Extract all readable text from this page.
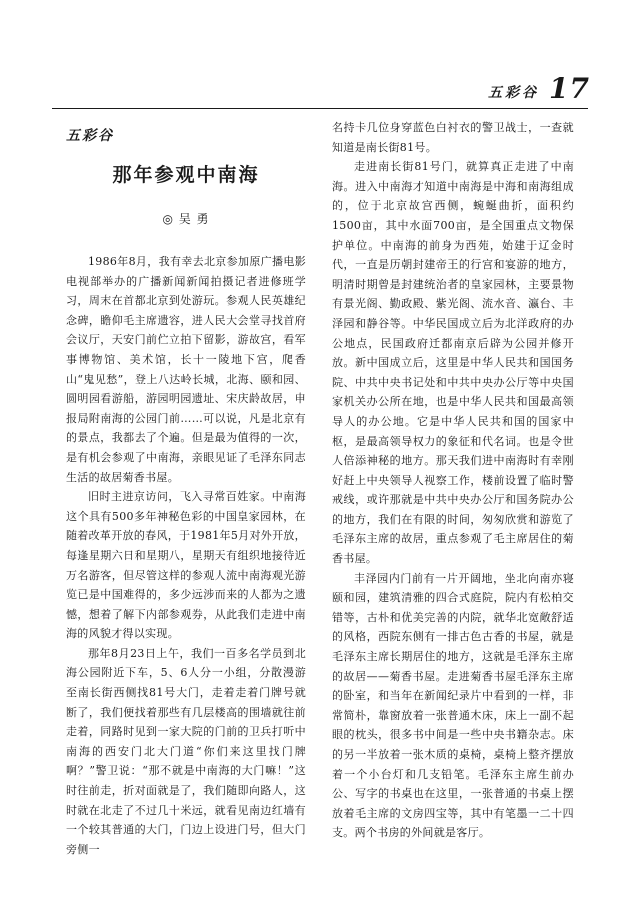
五彩谷 17
五彩谷
那年参观中南海
◎ 吴 勇

1986年8月，我有幸去北京参加原广播电影电视部举办的广播新闻新闻拍摄记者进修班学习，周末在首都北京到处游玩。参观人民英雄纪念碑，瞻仰毛主席遗容，进人民大会堂寻找首府会议厅，天安门前伫立拍下留影，游故宫，看军事博物馆、美术馆，长十一陵地下宫，爬香山“鬼见愁”，登上八达岭长城，北海、颐和园、圆明园看游船，游园明园遗址、宋庆龄故居，申报局附南海的公园门前……可以说，凡是北京有的景点，我都去了个遍。但是最为值得的一次，是有机会参观了中南海，亲眼见证了毛泽东同志生活的故居菊香书屋。

旧时主进京访问，飞入寻常百姓家。中南海这个具有500多年神秘色彩的中国皇家园林，在随着改革开放的春风，于1981年5月对外开放，每逢星期六日和星期八，星期天有组织地接待近万名游客，但尽管这样的参观人流中南海观光游览已是中国难得的，多少远涉而来的人都为之遗憾，想着了解下内部参观券，从此我们走进中南海的风貌才得以实现。

那年8月23日上午，我们一百多名学员到北海公园附近下车，5、6人分一小组，分散漫游至南长街西侧找81号大门，走着走着门牌号就断了，我们便找着那些有几层楼高的围墙就往前走着，同路时见到一家大院的门前的卫兵打听中南海的西安门北大门道“你们来这里找门牌啊？”警卫说：“那不就是中南海的大门嘛！”这时往前走，折对面就是了，我们随即向路人，这时就在北走了不过几十米远，就看见南边红墙有一个较其普通的大门，门边上设进门号，但大门旁侧一

名持卡几位身穿蓝色白衬衣的警卫战士，一查就知道是南长街81号。

走进南长街81号门，就算真正走进了中南海。进入中南海才知道中南海是中海和南海组成的，位于北京故宫西侧，蜿蜒曲折，面积约1500亩，其中水面700亩，是全国重点文物保护单位。中南海的前身为西苑，始建于辽金时代，一直是历朝封建帝王的行宫和宴游的地方，明清时期曾是封建统治者的皇家园林，主要景物有景光阁、勤政殿、紫光阁、流水音、瀛台、丰泽园和静谷等。中华民国成立后为北洋政府的办公地点，民国政府迁都南京后辟为公园并修开放。新中国成立后，这里是中华人民共和国国务院、中共中央书记处和中共中央办公厅等中央国家机关办公所在地，也是中华人民共和国最高领导人的办公地。它是中华人民共和国的国家中枢，是最高领导权力的象征和代名词。也是令世人倍添神秘的地方。那天我们进中南海时有幸刚好赶上中央领导人视察工作，楼前设置了临时警戒线，或许那就是中共中央办公厅和国务院办公的地方，我们在有限的时间，匆匆欣赏和游览了毛泽东主席的故居，重点参观了毛主席居住的菊香书屋。

丰泽园内门前有一片开阔地，坐北向南亦寝颐和园，建筑清雅的四合式庭院，院内有松柏交错等，古朴和优美完善的内院，就华北宽敞舒适的风格，西院东侧有一排古色古香的书屋，就是毛泽东主席长期居住的地方，这就是毛泽东主席的故居——菊香书屋。走进菊香书屋毛泽东主席的卧室，和当年在新闻纪录片中看到的一样，非常简朴，靠窗放着一张普通木床，床上一副不起眼的枕头，很多书中间是一些中央书籍杂志。床的另一半放着一张木质的桌椅，桌椅上整齐摆放着一个小台灯和几支铅笔。毛泽东主席生前办公、写字的书桌也在这里，一张普通的书桌上摆放着毛主席的文房四宝等，其中有笔墨一二十四支。两个书房的外间就是客厅。
